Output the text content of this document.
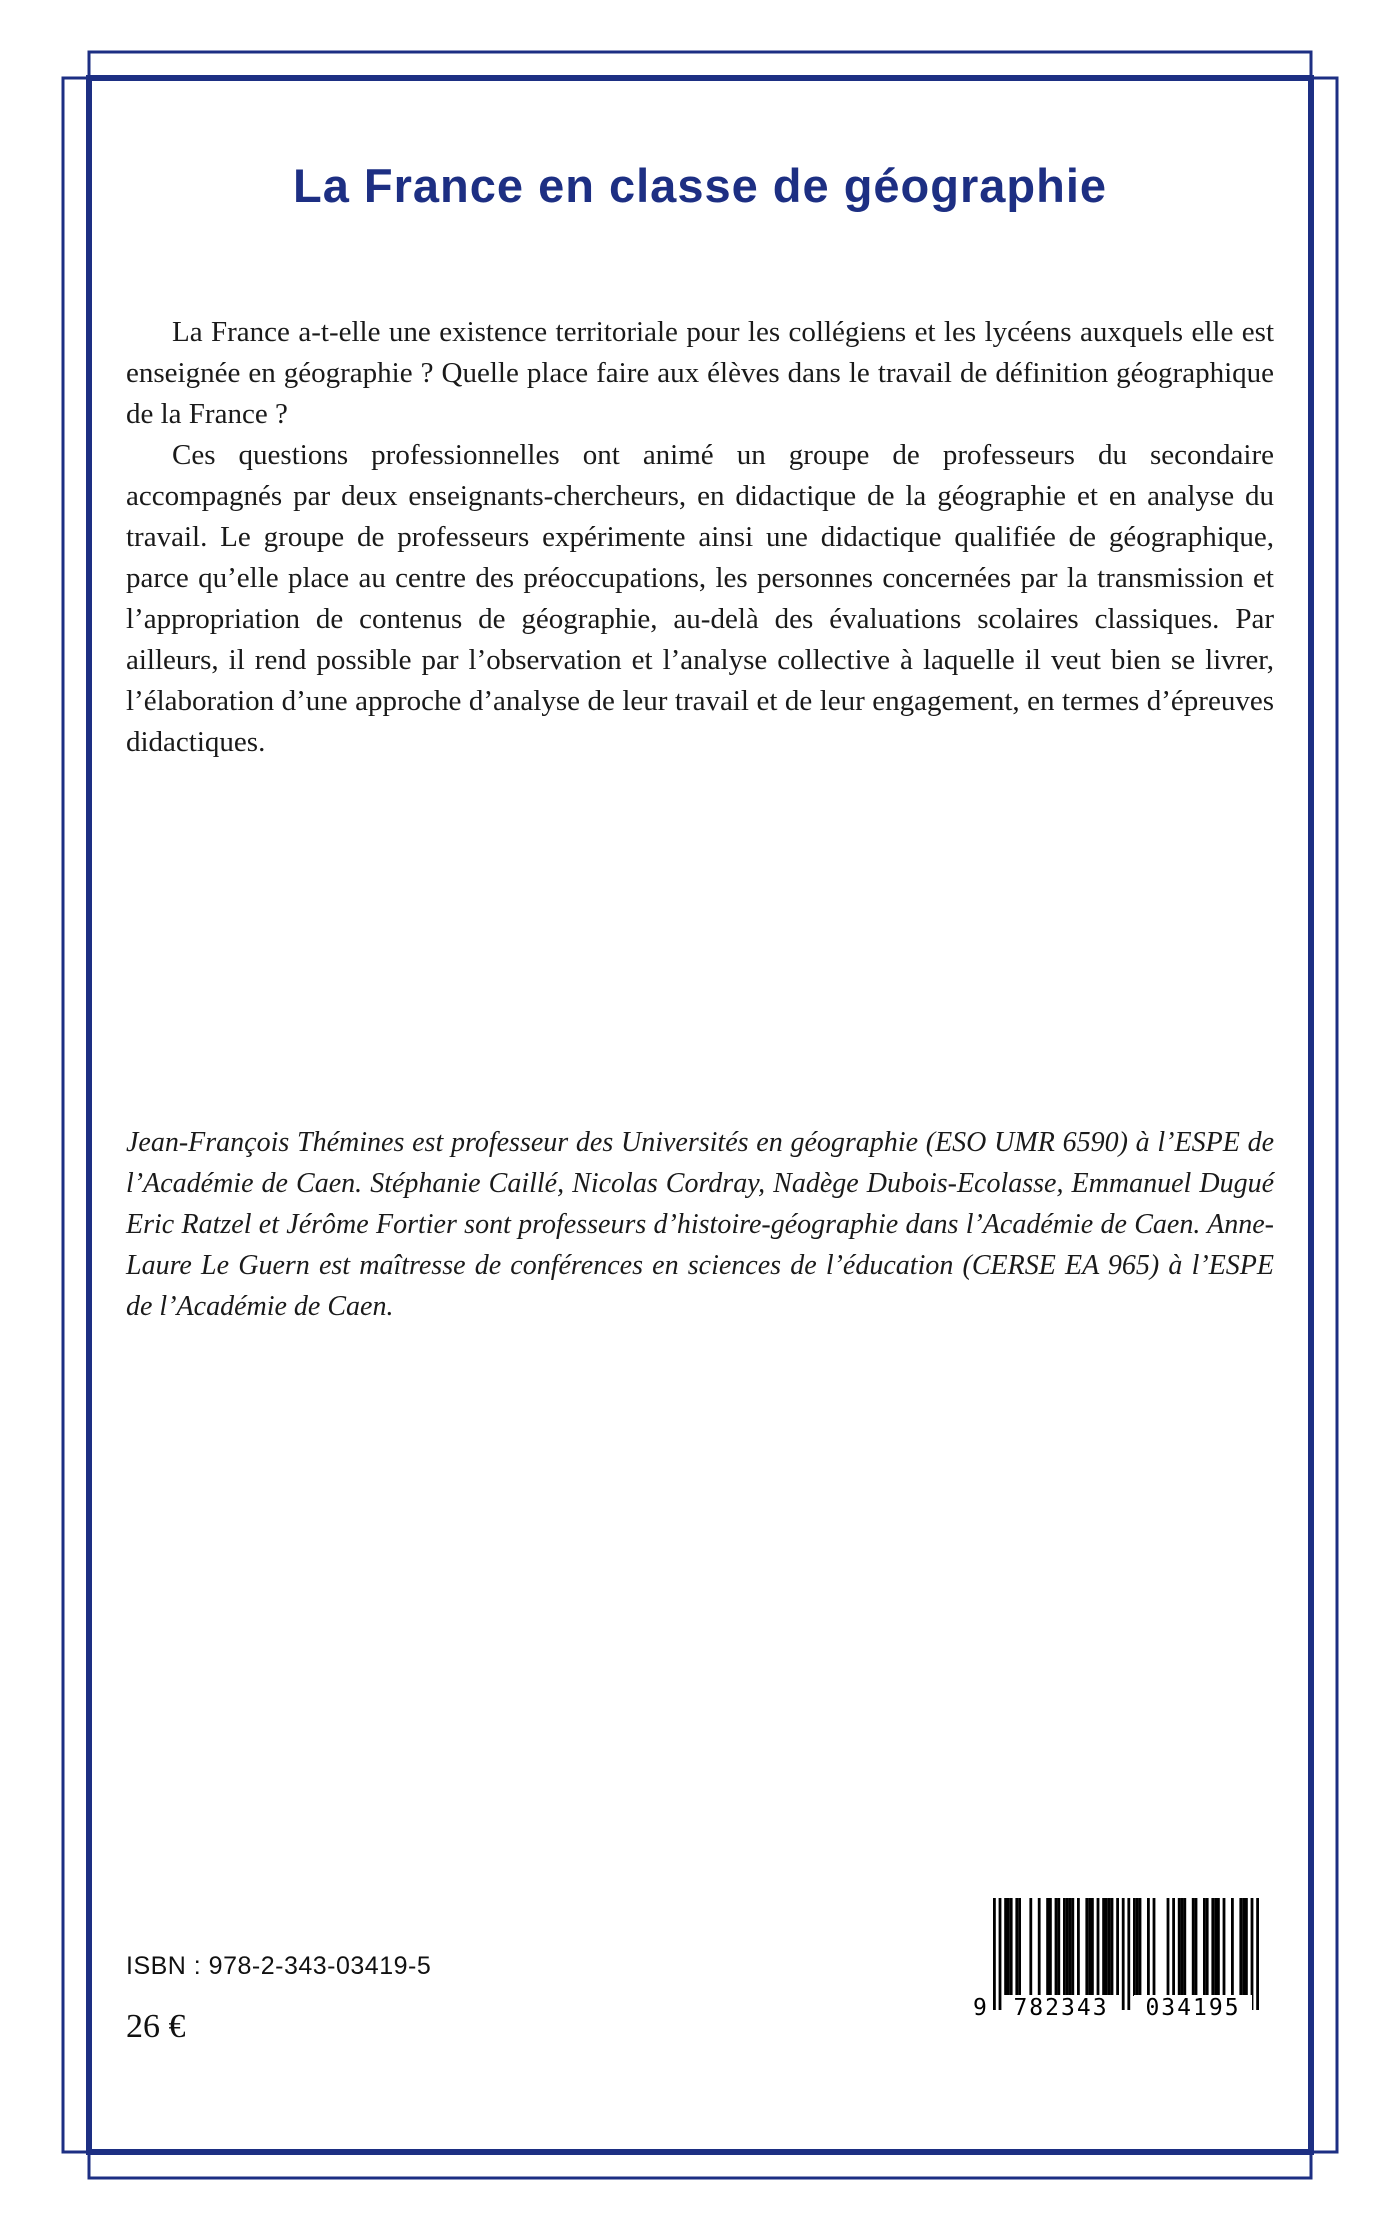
La France en classe de géographie

La France a-t-elle une existence territoriale pour les collégiens et les lycéens auxquels elle est enseignée en géographie ? Quelle place faire aux élèves dans le travail de définition géographique de la France ?

Ces questions professionnelles ont animé un groupe de professeurs du secondaire accompagnés par deux enseignants-chercheurs, en didactique de la géographie et en analyse du travail. Le groupe de professeurs expérimente ainsi une didactique qualifiée de géographique, parce qu’elle place au centre des préoccupations, les personnes concernées par la transmission et l’appropriation de contenus de géographie, au-delà des évaluations scolaires classiques. Par ailleurs, il rend possible par l’observation et l’analyse collective à laquelle il veut bien se livrer, l’élaboration d’une approche d’analyse de leur travail et de leur engagement, en termes d’épreuves didactiques.

Jean-François Thémines est professeur des Universités en géographie (ESO UMR 6590) à l’ESPE de l’Académie de Caen. Stéphanie Caillé, Nicolas Cordray, Nadège Dubois-Ecolasse, Emmanuel Dugué Eric Ratzel et Jérôme Fortier sont professeurs d’histoire-géographie dans l’Académie de Caen. Anne-Laure Le Guern est maîtresse de conférences en sciences de l’éducation (CERSE EA 965) à l’ESPE de l’Académie de Caen.

ISBN : 978-2-343-03419-5
26 €	9	782343	034195
